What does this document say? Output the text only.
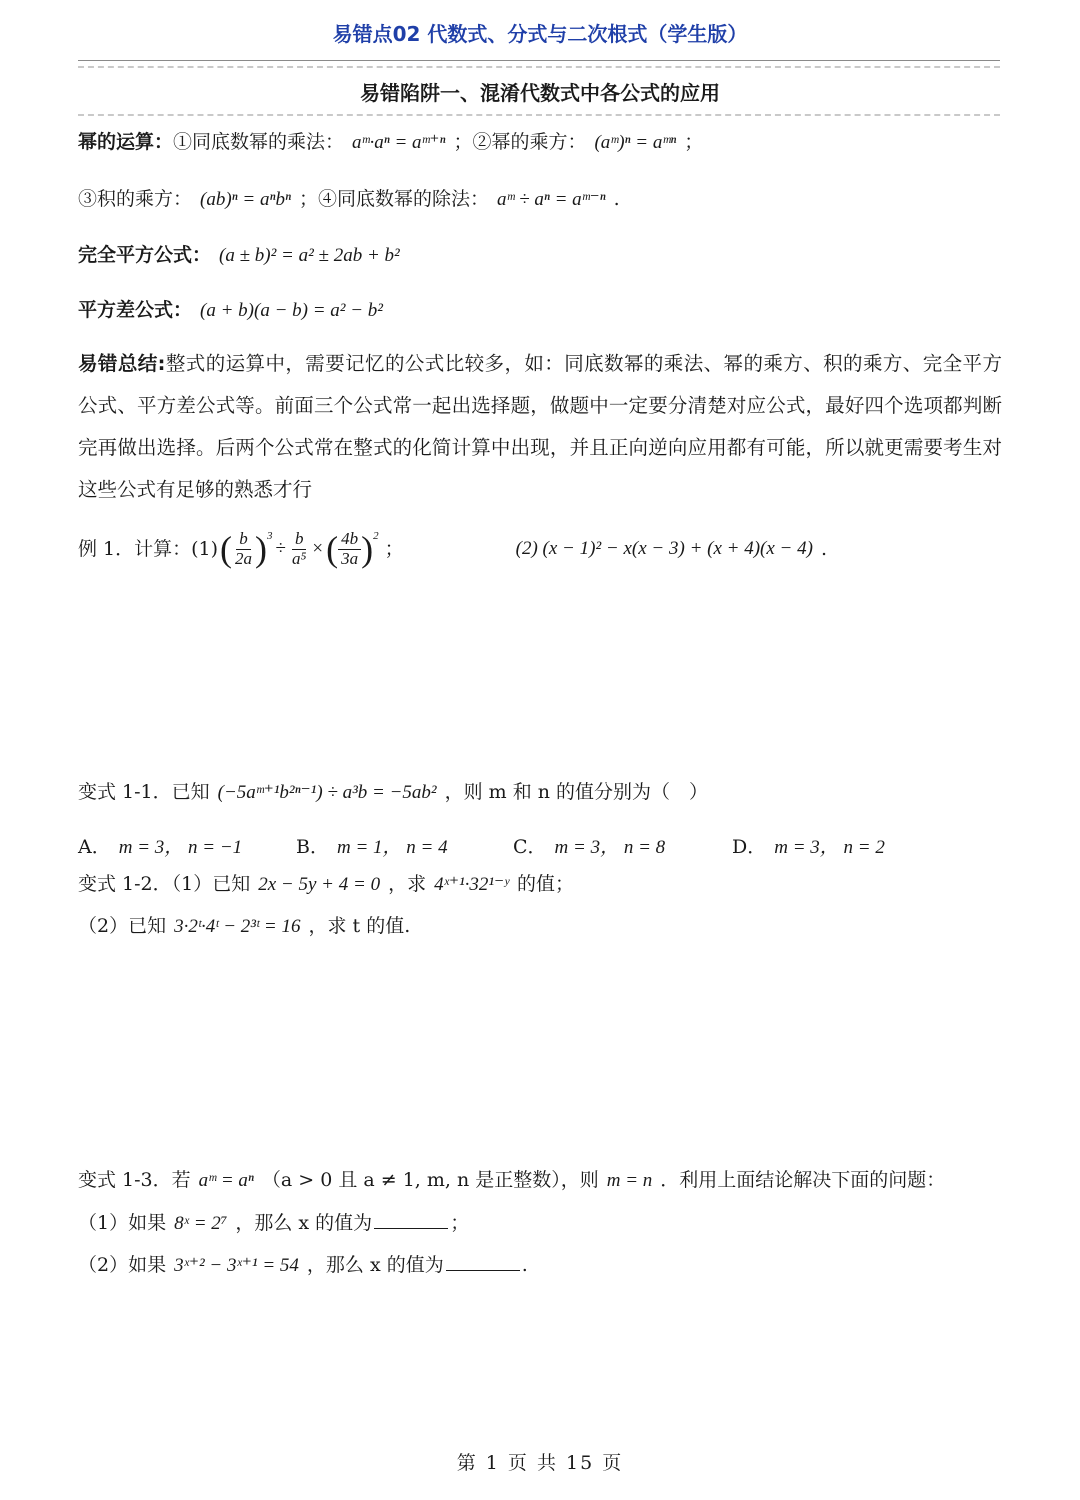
易错点02 代数式、分式与二次根式（学生版）
易错陷阱一、混淆代数式中各公式的应用
幂的运算：①同底数幂的乘法： aᵐ·aⁿ = aᵐ⁺ⁿ ；②幂的乘方： (aᵐ)ⁿ = aᵐⁿ ；
③积的乘方： (ab)ⁿ = aⁿbⁿ ；④同底数幂的除法： aᵐ ÷ aⁿ = aᵐ⁻ⁿ .
完全平方公式： (a ± b)² = a² ± 2ab + b²
平方差公式： (a + b)(a − b) = a² − b²
易错总结:整式的运算中，需要记忆的公式比较多，如：同底数幂的乘法、幂的乘方、积的乘方、完全平方公式、平方差公式等。前面三个公式常一起出选择题，做题中一定要分清楚对应公式，最好四个选项都判断完再做出选择。后两个公式常在整式的化简计算中出现，并且正向逆向应用都有可能，所以就更需要考生对这些公式有足够的熟悉才行
例 1．计算：(1) ( $\frac{b}{2a} )^3$
÷ $\frac{b}{\text{a⁵}}$ × ( $\frac{4b}{3a} )^2$
；	(2) (x − 1)² − x(x − 3) + (x + 4)(x − 4) .
变式 1-1．已知 (−5aᵐ⁺¹b²ⁿ⁻¹) ÷ a³b = −5ab² ，则 m 和 n 的值分别为（　）
A． m = 3， n = −1	B． m = 1， n = 4	C． m = 3， n = 8	D． m = 3， n = 2
变式 1-2．（1）已知 2x − 5y + 4 = 0 ，求 4ˣ⁺¹·32¹⁻ʸ 的值；
（2）已知 3·2ᵗ·4ᵗ − 2³ᵗ = 16 ，求 t 的值.
变式 1-3．若 aᵐ = aⁿ （a > 0 且 a ≠ 1, m, n 是正整数），则 m = n ．利用上面结论解决下面的问题：
（1）如果 8ˣ = 2⁷ ，那么 x 的值为	；
（2）如果 3ˣ⁺² − 3ˣ⁺¹ = 54 ，那么 x 的值为	.
第 1 页 共 15 页
